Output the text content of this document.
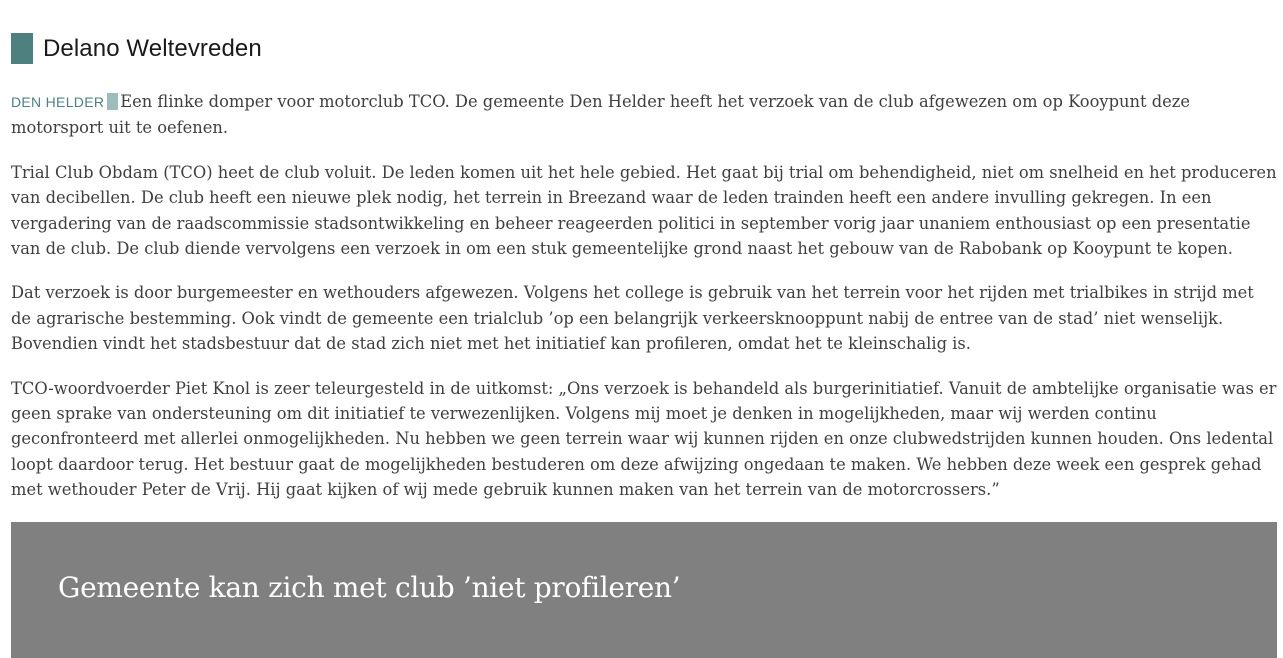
Delano Weltevreden

DEN HELDER Een flinke domper voor motorclub TCO. De gemeente Den Helder heeft het verzoek van de club afgewezen om op Kooypunt deze motorsport uit te oefenen.

Trial Club Obdam (TCO) heet de club voluit. De leden komen uit het hele gebied. Het gaat bij trial om behendigheid, niet om snelheid en het produceren van decibellen. De club heeft een nieuwe plek nodig, het terrein in Breezand waar de leden trainden heeft een andere invulling gekregen. In een vergadering van de raadscommissie stadsontwikkeling en beheer reageerden politici in september vorig jaar unaniem enthousiast op een presentatie van de club. De club diende vervolgens een verzoek in om een stuk gemeentelijke grond naast het gebouw van de Rabobank op Kooypunt te kopen.

Dat verzoek is door burgemeester en wethouders afgewezen. Volgens het college is gebruik van het terrein voor het rijden met trialbikes in strijd met de agrarische bestemming. Ook vindt de gemeente een trialclub ’op een belangrijk verkeersknooppunt nabij de entree van de stad’ niet wenselijk. Bovendien vindt het stadsbestuur dat de stad zich niet met het initiatief kan profileren, omdat het te kleinschalig is.

TCO-woordvoerder Piet Knol is zeer teleurgesteld in de uitkomst: „Ons verzoek is behandeld als burgerinitiatief. Vanuit de ambtelijke organisatie was er geen sprake van ondersteuning om dit initiatief te verwezenlijken. Volgens mij moet je denken in mogelijkheden, maar wij werden continu geconfronteerd met allerlei onmogelijkheden. Nu hebben we geen terrein waar wij kunnen rijden en onze clubwedstrijden kunnen houden. Ons ledental loopt daardoor terug. Het bestuur gaat de mogelijkheden bestuderen om deze afwijzing ongedaan te maken. We hebben deze week een gesprek gehad met wethouder Peter de Vrij. Hij gaat kijken of wij mede gebruik kunnen maken van het terrein van de motorcrossers.”

Gemeente kan zich met club ’niet profileren’
